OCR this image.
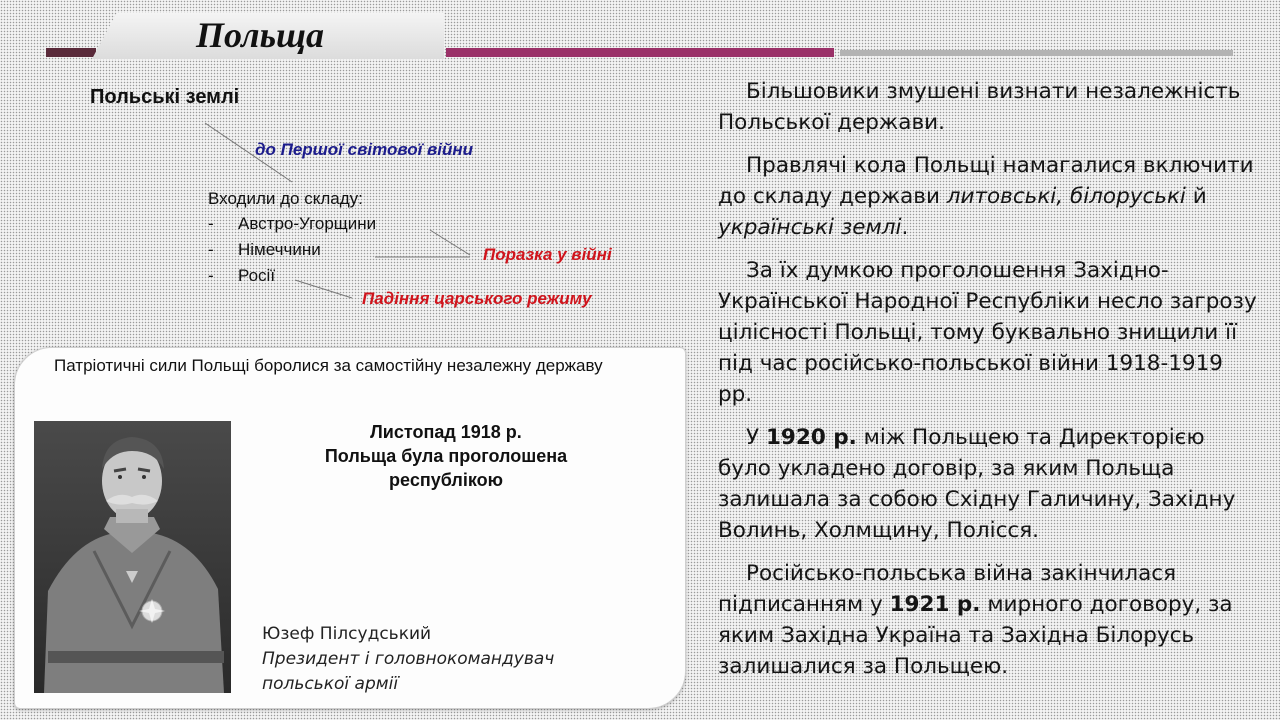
Польща
Польські землі
до Першої світової війни
Входили до складу:
- Австро-Угорщини
- Німеччини
- Росії
Поразка у війні
Падіння царського режиму
Патріотичні сили Польщі боролися за самостійну незалежну державу
Листопад 1918 р.
Польща була проголошена
республікою
Юзеф Пілсудський
Президент і головнокомандувач
польської армії

Більшовики змушені визнати незалежність Польської держави.

Правлячі кола Польщі намагалися включити до складу держави литовські, білоруські й українські землі.

За їх думкою проголошення Західно-Української Народної Республіки несло загрозу цілісності Польщі, тому буквально знищили її під час російсько-польської війни 1918-1919 рр.

У 1920 р. між Польщею та Директорією було укладено договір, за яким Польща залишала за собою Східну Галичину, Західну Волинь, Холмщину, Полісся.

Російсько-польська війна закінчилася підписанням у 1921 р. мирного договору, за яким Західна Україна та Західна Білорусь залишалися за Польщею.
